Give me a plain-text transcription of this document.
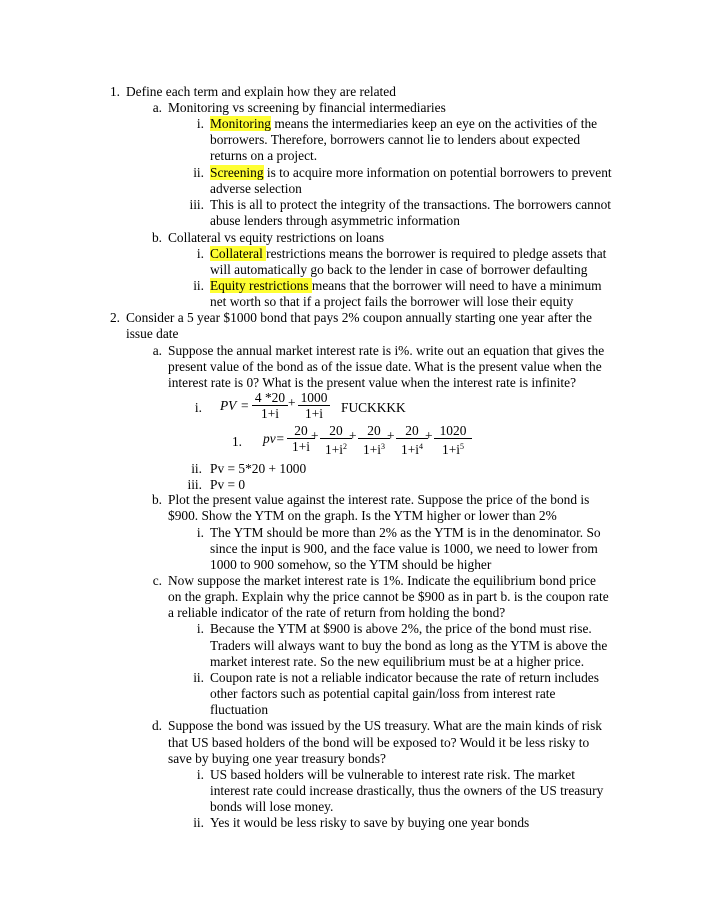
1. Define each term and explain how they are related
a. Monitoring vs screening by financial intermediaries
i. Monitoring means the intermediaries keep an eye on the activities of the
borrowers. Therefore, borrowers cannot lie to lenders about expected
returns on a project.
ii. Screening is to acquire more information on potential borrowers to prevent
adverse selection
iii. This is all to protect the integrity of the transactions. The borrowers cannot
abuse lenders through asymmetric information
b. Collateral vs equity restrictions on loans
i. Collateral restrictions means the borrower is required to pledge assets that
will automatically go back to the lender in case of borrower defaulting
ii. Equity restrictions means that the borrower will need to have a minimum
net worth so that if a project fails the borrower will lose their equity
2. Consider a 5 year $1000 bond that pays 2% coupon annually starting one year after the
issue date
a. Suppose the annual market interest rate is i%. write out an equation that gives the
present value of the bond as of the issue date. What is the present value when the
interest rate is 0? What is the present value when the interest rate is infinite?
i. PV = $\frac{4 *20}{1+i} + \frac{1000}{1+i}$ FUCKKKK
1. $pv= \frac{20}{1+i}$
+ $\frac{20}{1+i^2}$
+ $\frac{20}{1+i^3}$
+ $\frac{20}{1+i^4}$
+ $\frac{1020}{1+i^5}$
ii. Pv = 5*20 + 1000
iii. Pv = 0
b. Plot the present value against the interest rate. Suppose the price of the bond is
$900. Show the YTM on the graph. Is the YTM higher or lower than 2%
i. The YTM should be more than 2% as the YTM is in the denominator. So
since the input is 900, and the face value is 1000, we need to lower from
1000 to 900 somehow, so the YTM should be higher
c. Now suppose the market interest rate is 1%. Indicate the equilibrium bond price
on the graph. Explain why the price cannot be $900 as in part b. is the coupon rate
a reliable indicator of the rate of return from holding the bond?
i. Because the YTM at $900 is above 2%, the price of the bond must rise.
Traders will always want to buy the bond as long as the YTM is above the
market interest rate. So the new equilibrium must be at a higher price.
ii. Coupon rate is not a reliable indicator because the rate of return includes
other factors such as potential capital gain/loss from interest rate
fluctuation
d. Suppose the bond was issued by the US treasury. What are the main kinds of risk
that US based holders of the bond will be exposed to? Would it be less risky to
save by buying one year treasury bonds?
i. US based holders will be vulnerable to interest rate risk. The market
interest rate could increase drastically, thus the owners of the US treasury
bonds will lose money.
ii. Yes it would be less risky to save by buying one year bonds
